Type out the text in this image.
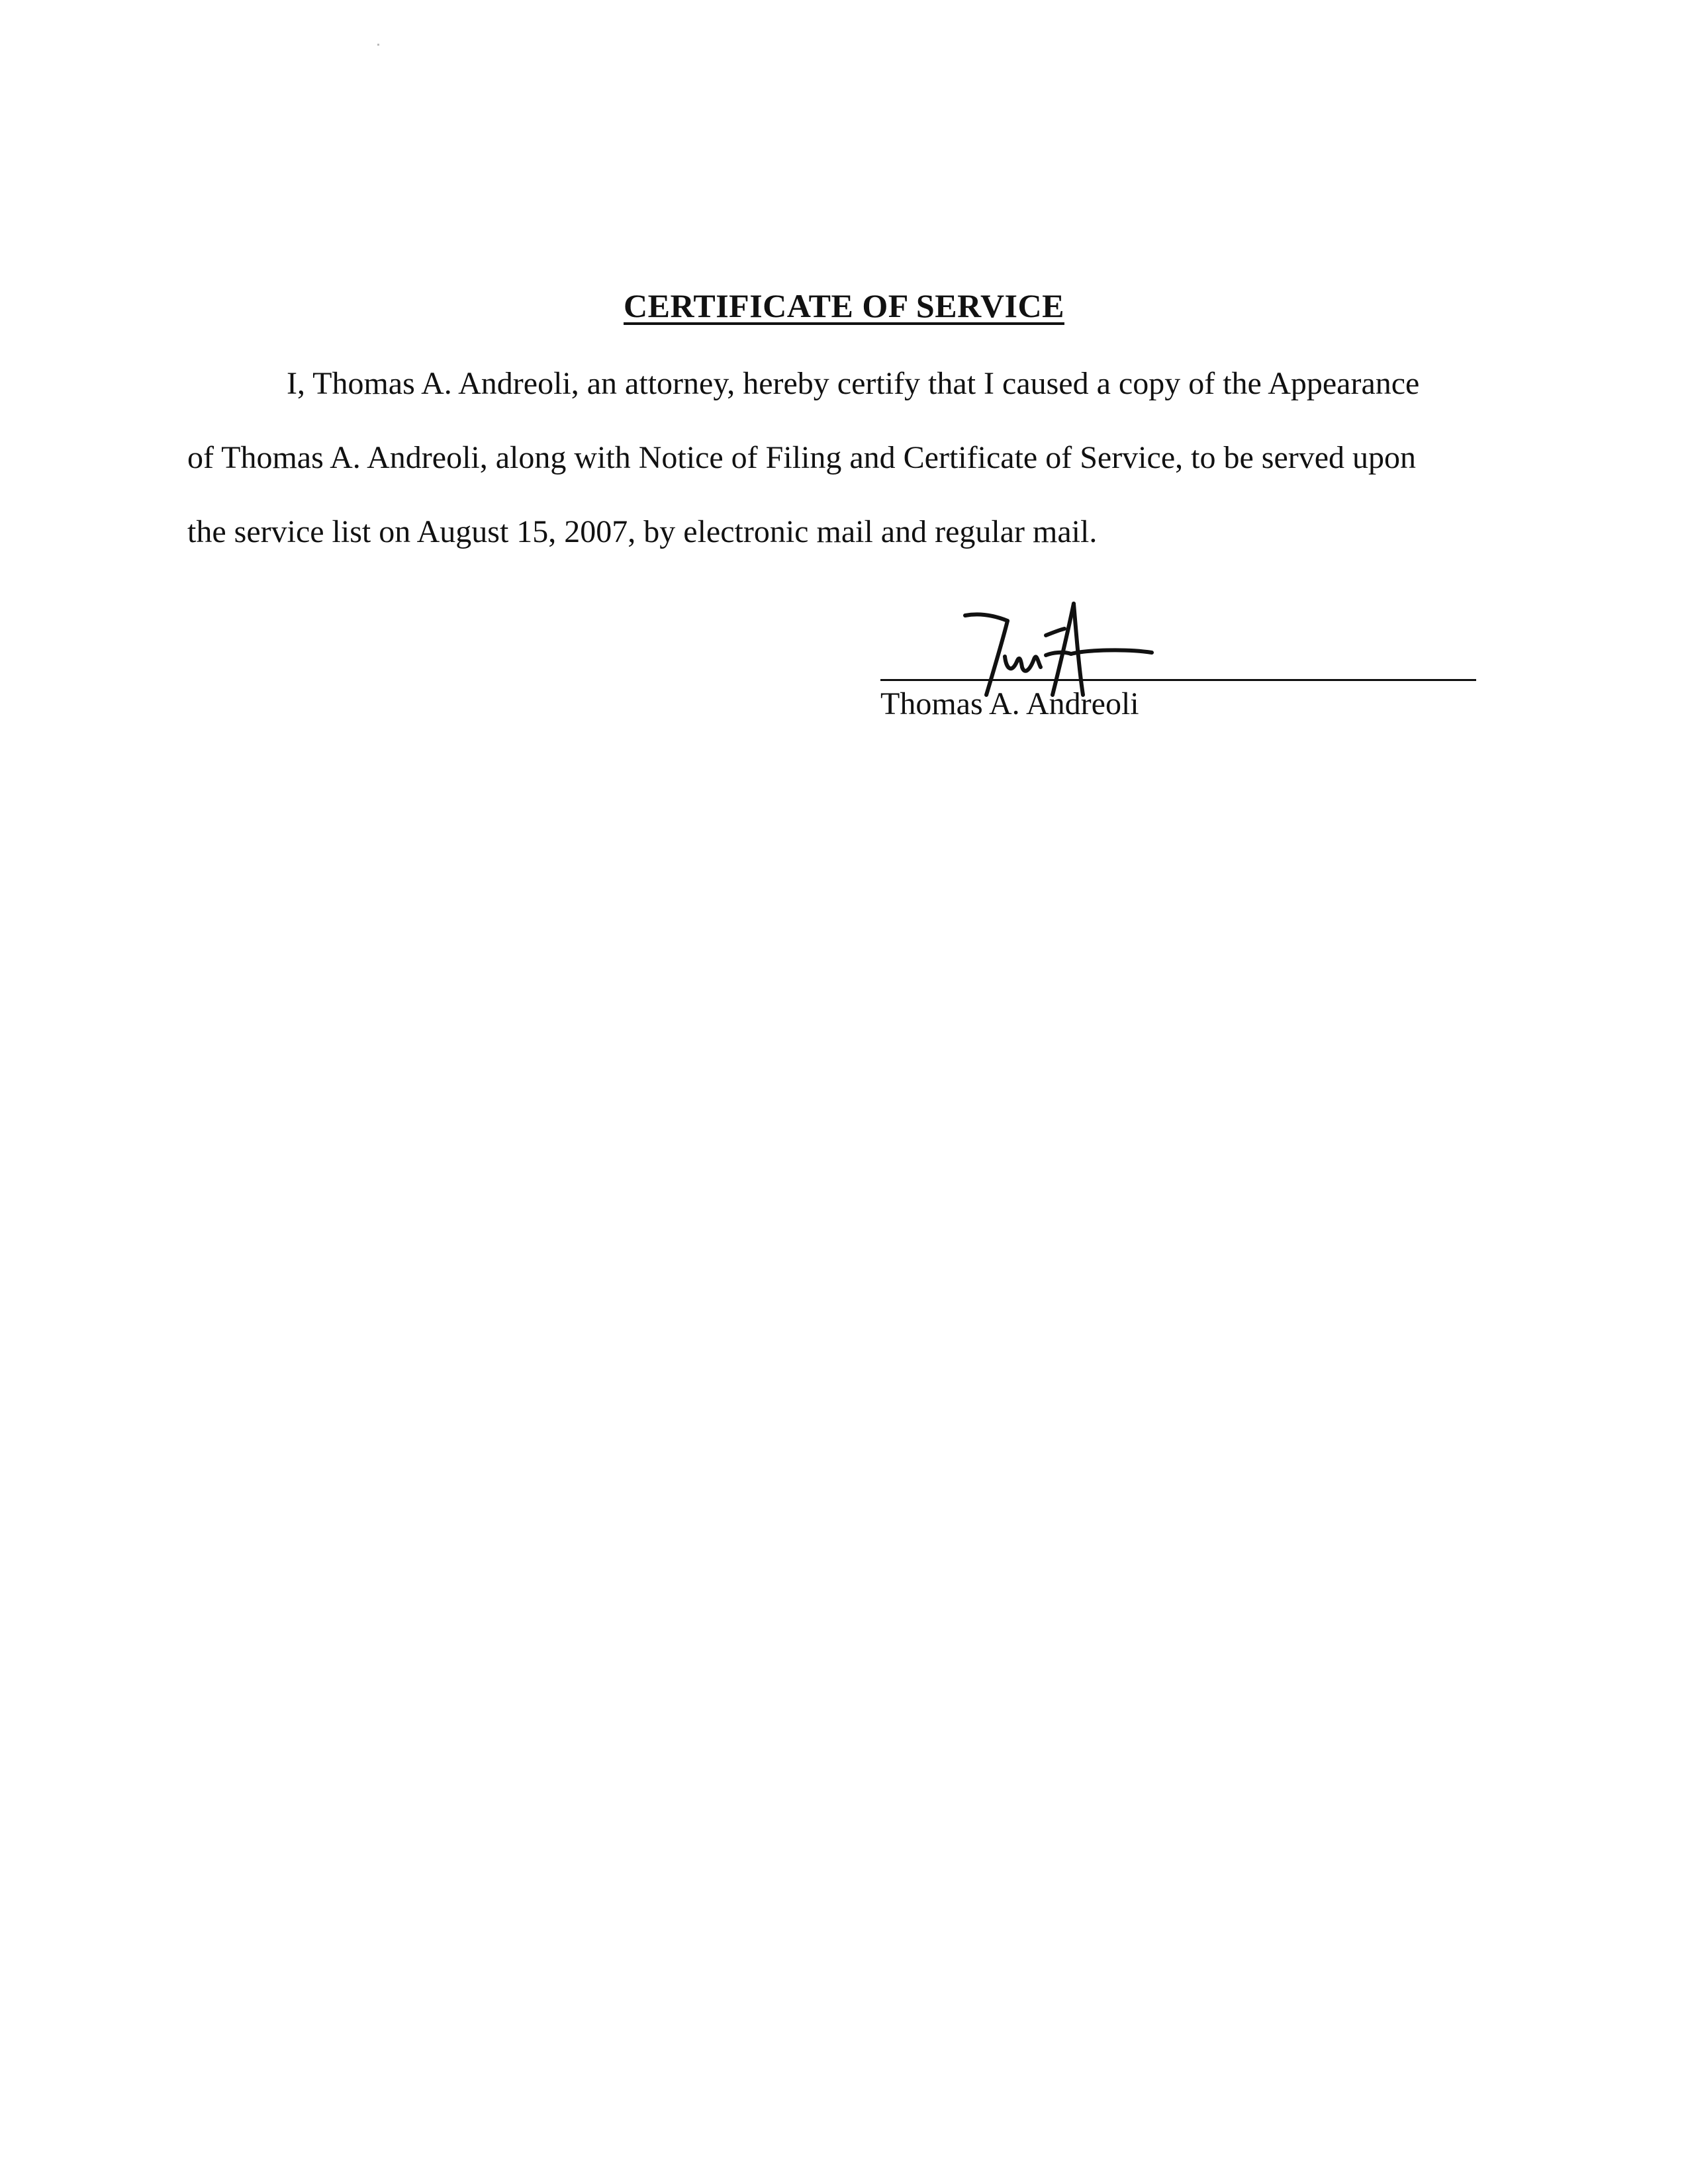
CERTIFICATE OF SERVICE
I, Thomas A. Andreoli, an attorney, hereby certify that I caused a copy of the Appearance
of Thomas A. Andreoli, along with Notice of Filing and Certificate of Service, to be served upon
the service list on August 15, 2007, by electronic mail and regular mail.
Thomas A. Andreoli
